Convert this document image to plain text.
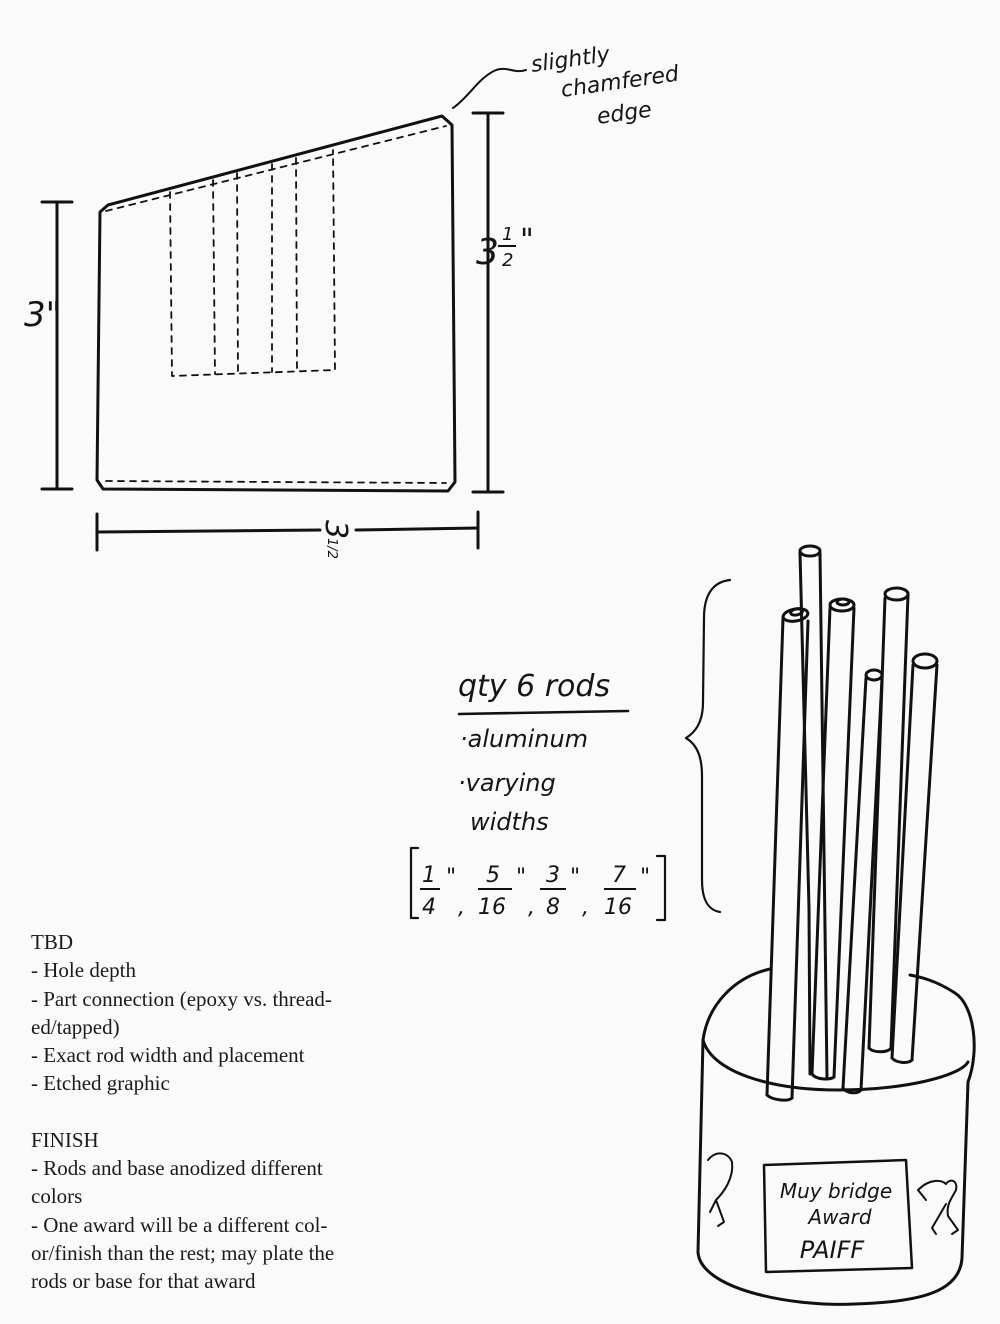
slightly
chamfered
edge
3"
3 1
2
"
3
1/2
qty 6 rods
·aluminum
·varying
widths
1
4
"
,
5
16
"
,
3
8
"
,
7
16
"
Muy bridge
Award
PAIFF
TBD
- Hole depth
- Part connection (epoxy vs. thread-
ed/tapped)
- Exact rod width and placement
- Etched graphic
FINISH
- Rods and base anodized different
colors
- One award will be a different col-
or/finish than the rest; may plate the
rods or base for that award
